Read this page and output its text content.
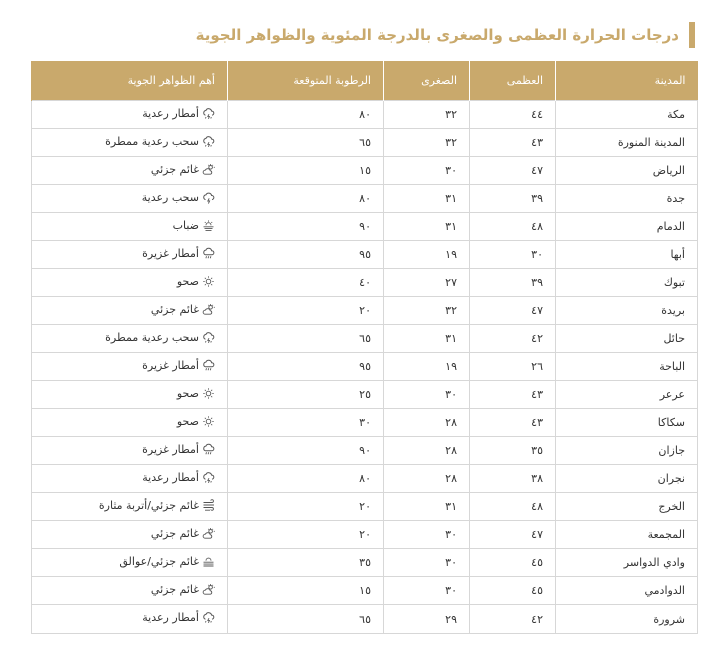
درجات الحرارة العظمى والصغرى بالدرجة المئوية والظواهر الجوية
المدينة	العظمى	الصغرى	الرطوبة المتوقعة	أهم الظواهر الجوية
مكة	٤٤	٣٢	٨٠	أمطار رعدية

المدينة المنورة	٤٣	٣٢	٦٥	سحب رعدية ممطرة

الرياض	٤٧	٣٠	١٥	غائم جزئي

جدة	٣٩	٣١	٨٠	سحب رعدية

الدمام	٤٨	٣١	٩٠	ضباب

أبها	٣٠	١٩	٩٥	أمطار غزيرة

تبوك	٣٩	٢٧	٤٠	صحو

بريدة	٤٧	٣٢	٢٠	غائم جزئي

حائل	٤٢	٣١	٦٥	سحب رعدية ممطرة

الباحة	٢٦	١٩	٩٥	أمطار غزيرة

عرعر	٤٣	٣٠	٢٥	صحو

سكاكا	٤٣	٢٨	٣٠	صحو

جازان	٣٥	٢٨	٩٠	أمطار غزيرة

نجران	٣٨	٢٨	٨٠	أمطار رعدية

الخرج	٤٨	٣١	٢٠	غائم جزئي/أتربة مثارة

المجمعة	٤٧	٣٠	٢٠	غائم جزئي

وادي الدواسر	٤٥	٣٠	٣٥	غائم جزئي/عوالق

الدوادمي	٤٥	٣٠	١٥	غائم جزئي

شرورة	٤٢	٢٩	٦٥	أمطار رعدية
